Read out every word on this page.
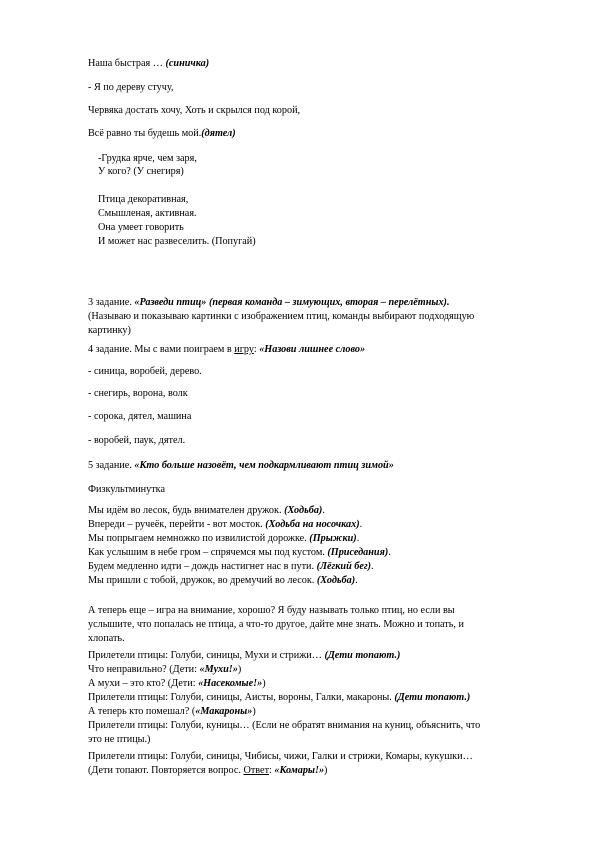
Наша быстрая … (синичка)
- Я по дереву стучу,
Червяка достать хочу, Хоть и скрылся под корой,
Всё равно ты будешь мой.(дятел)
-Грудка ярче, чем заря,
У кого? (У снегиря)
Птица декоративная,
Смышленая, активная.
Она умеет говорить
И может нас развеселить. (Попугай)
3 задание. «Разведи птиц» (первая команда – зимующих, вторая – перелётных).
(Называю и показываю картинки с изображением птиц, команды выбирают подходящую
картинку)
4 задание. Мы с вами поиграем в игру: «Назови лишнее слово»
- синица, воробей, дерево.
- снегирь, ворона, волк
- сорока, дятел, машина
- воробей, паук, дятел.
5 задание. «Кто больше назовёт, чем подкармливают птиц зимой»
Физкультминутка
Мы идём во лесок, будь внимателен дружок. (Ходьба).
Впереди – ручеёк, перейти - вот мосток. (Ходьба на носочках).
Мы попрыгаем немножко по извилистой дорожке. (Прыжки).
Как услышим в небе гром – спрячемся мы под кустом. (Приседания).
Будем медленно идти – дождь настигнет нас в пути. (Лёгкий бег).
Мы пришли с тобой, дружок, во дремучий во лесок. (Ходьба).
А теперь еще – игра на внимание, хорошо? Я буду называть только птиц, но если вы
услышите, что попалась не птица, а что-то другое, дайте мне знать. Можно и топать, и
хлопать.
Прилетели птицы: Голуби, синицы, Мухи и стрижи… (Дети топают.)
Что неправильно? (Дети: «Мухи!»)
А мухи – это кто? (Дети: «Насекомые!»)
Прилетели птицы: Голуби, синицы, Аисты, вороны, Галки, макароны. (Дети топают.)
А теперь кто помешал? («Макароны»)
Прилетели птицы: Голуби, куницы… (Если не обратят внимания на куниц, объяснить, что
это не птицы.)
Прилетели птицы: Голуби, синицы, Чибисы, чижи, Галки и стрижи, Комары, кукушки…
(Дети топают. Повторяется вопрос. Ответ: «Комары!»)
